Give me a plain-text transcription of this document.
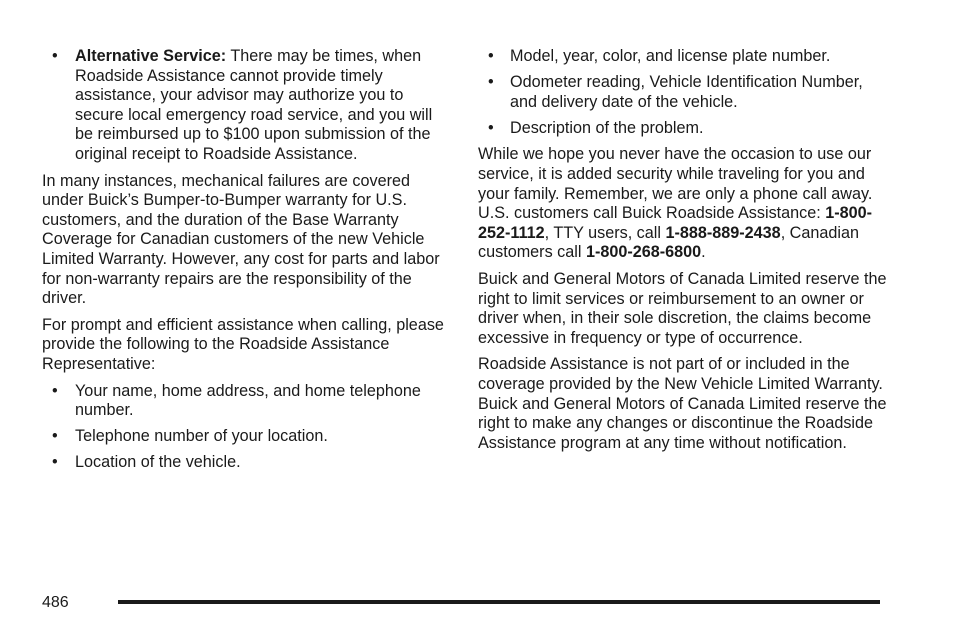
• Alternative Service: There may be times, when Roadside Assistance cannot provide timely assistance, your advisor may authorize you to secure local emergency road service, and you will be reimbursed up to $100 upon submission of the original receipt to Roadside Assistance.

In many instances, mechanical failures are covered under Buick’s Bumper-to-Bumper warranty for U.S. customers, and the duration of the Base Warranty Coverage for Canadian customers of the new Vehicle Limited Warranty. However, any cost for parts and labor for non-warranty repairs are the responsibility of the driver.

For prompt and efficient assistance when calling, please provide the following to the Roadside Assistance Representative:

• Your name, home address, and home telephone number.
• Telephone number of your location.
• Location of the vehicle.
• Model, year, color, and license plate number.
• Odometer reading, Vehicle Identification Number, and delivery date of the vehicle.
• Description of the problem.

While we hope you never have the occasion to use our service, it is added security while traveling for you and your family. Remember, we are only a phone call away. U.S. customers call Buick Roadside Assistance: 1-800-252-1112, TTY users, call 1-888-889-2438, Canadian customers call 1-800-268-6800.

Buick and General Motors of Canada Limited reserve the right to limit services or reimbursement to an owner or driver when, in their sole discretion, the claims become excessive in frequency or type of occurrence.

Roadside Assistance is not part of or included in the coverage provided by the New Vehicle Limited Warranty. Buick and General Motors of Canada Limited reserve the right to make any changes or discontinue the Roadside Assistance program at any time without notification.

486
